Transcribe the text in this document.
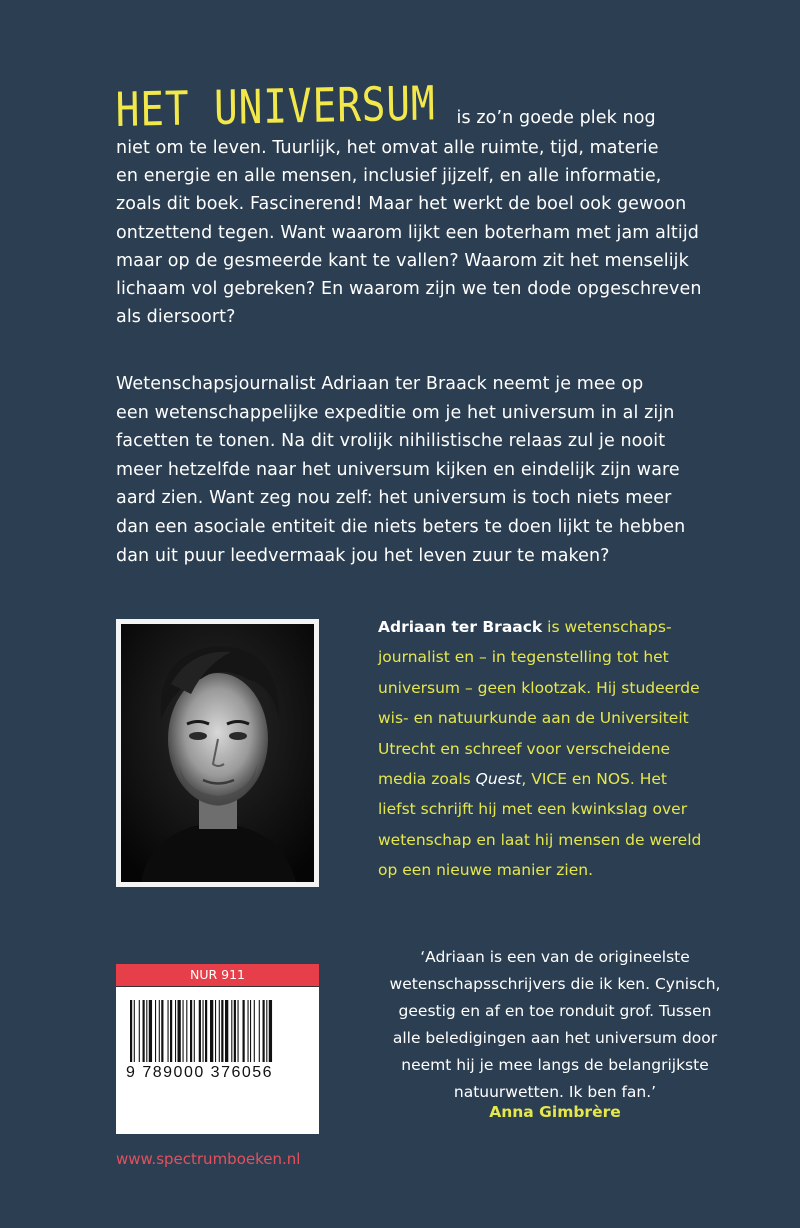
HET UNIVERSUM is zo’n goede plek nog
niet om te leven. Tuurlijk, het omvat alle ruimte, tijd, materie
en energie en alle mensen, inclusief jijzelf, en alle informatie,
zoals dit boek. Fascinerend! Maar het werkt de boel ook gewoon
ontzettend tegen. Want waarom lijkt een boterham met jam altijd
maar op de gesmeerde kant te vallen? Waarom zit het menselijk
lichaam vol gebreken? En waarom zijn we ten dode opgeschreven
als diersoort?
Wetenschapsjournalist Adriaan ter Braack neemt je mee op
een wetenschappelijke expeditie om je het universum in al zijn
facetten te tonen. Na dit vrolijk nihilistische relaas zul je nooit
meer hetzelfde naar het universum kijken en eindelijk zijn ware
aard zien. Want zeg nou zelf: het universum is toch niets meer
dan een asociale entiteit die niets beters te doen lijkt te hebben
dan uit puur leedvermaak jou het leven zuur te maken?
Adriaan ter Braack is wetenschaps-
journalist en – in tegenstelling tot het
universum – geen klootzak. Hij studeerde
wis- en natuurkunde aan de Universiteit
Utrecht en schreef voor verscheidene
media zoals Quest, VICE en NOS. Het
liefst schrijft hij met een kwinkslag over
wetenschap en laat hij mensen de wereld
op een nieuwe manier zien.
NUR 911
9 789000 376056
‘Adriaan is een van de origineelste
wetenschapsschrijvers die ik ken. Cynisch,
geestig en af en toe ronduit grof. Tussen
alle beledigingen aan het universum door
neemt hij je mee langs de belangrijkste
natuurwetten. Ik ben fan.’
Anna Gimbrère
www.spectrumboeken.nl
